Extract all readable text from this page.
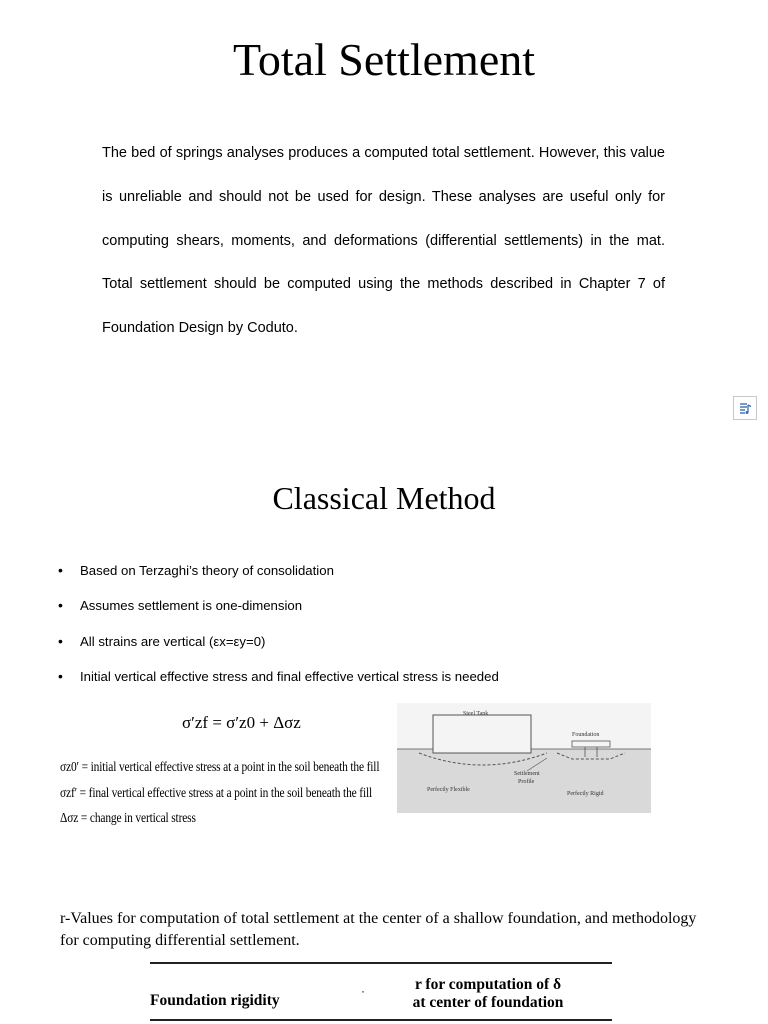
Total Settlement

The bed of springs analyses produces a computed total settlement. However, this value is unreliable and should not be used for design. These analyses are useful only for computing shears, moments, and deformations (differential settlements) in the mat. Total settlement should be computed using the methods described in Chapter 7 of Foundation Design by Coduto.

Classical Method
• Based on Terzaghi’s theory of consolidation
• Assumes settlement is one-dimension
• All strains are vertical (εx=εy=0)
• Initial vertical effective stress and final effective vertical stress is needed
σ′zf = σ′z0 + Δσz
σz0′ = initial vertical effective stress at a point in the soil beneath the fill
σzf′ = final vertical effective stress at a point in the soil beneath the fill
Δσz = change in vertical stress
Steel Tank
Foundation
Settlement
Profile
Perfectly Flexible
Perfectly Rigid

r-Values for computation of total settlement at the center of a shallow foundation, and methodology for computing differential settlement.

·
Foundation rigidity
r for computation of δ
at center of foundation
